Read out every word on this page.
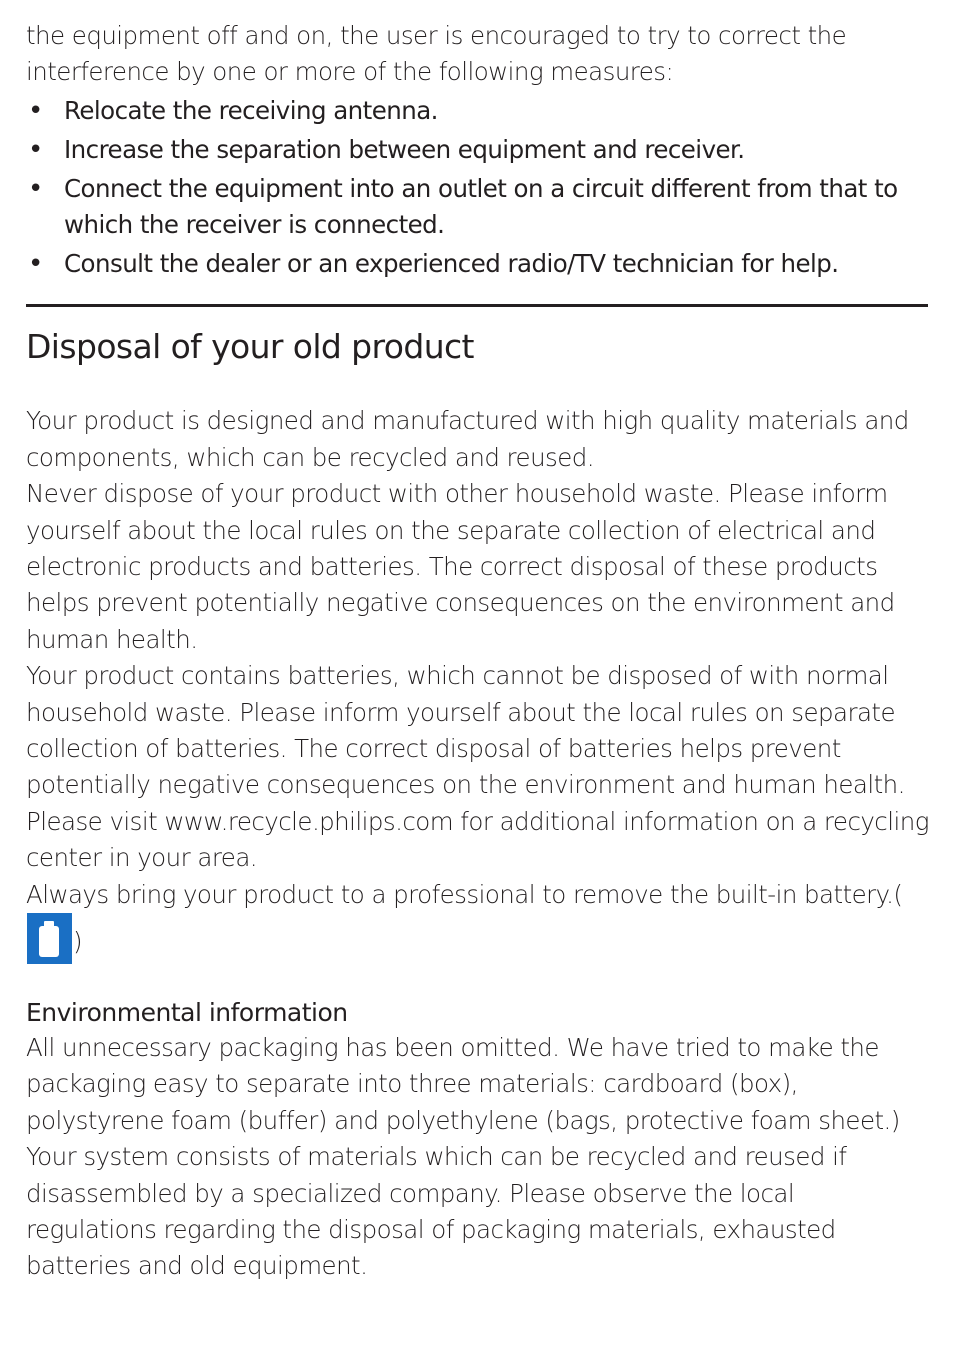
the equipment off and on, the user is encouraged to try to correct the interference by one or more of the following measures:

• Relocate the receiving antenna.
• Increase the separation between equipment and receiver.
• Connect the equipment into an outlet on a circuit different from that to which the receiver is connected.
• Consult the dealer or an experienced radio/TV technician for help.
Disposal of your old product

Your product is designed and manufactured with high quality materials and components, which can be recycled and reused.

Never dispose of your product with other household waste. Please inform yourself about the local rules on the separate collection of electrical and electronic products and batteries. The correct disposal of these products helps prevent potentially negative consequences on the environment and human health.

Your product contains batteries, which cannot be disposed of with normal household waste. Please inform yourself about the local rules on separate collection of batteries. The correct disposal of batteries helps prevent potentially negative consequences on the environment and human health.

Please visit www.recycle.philips.com for additional information on a recycling center in your area.

Always bring your product to a professional to remove the built-in battery.(
)

Environmental information

All unnecessary packaging has been omitted. We have tried to make the packaging easy to separate into three materials: cardboard (box), polystyrene foam (buffer) and polyethylene (bags, protective foam sheet.)

Your system consists of materials which can be recycled and reused if disassembled by a specialized company. Please observe the local regulations regarding the disposal of packaging materials, exhausted batteries and old equipment.
